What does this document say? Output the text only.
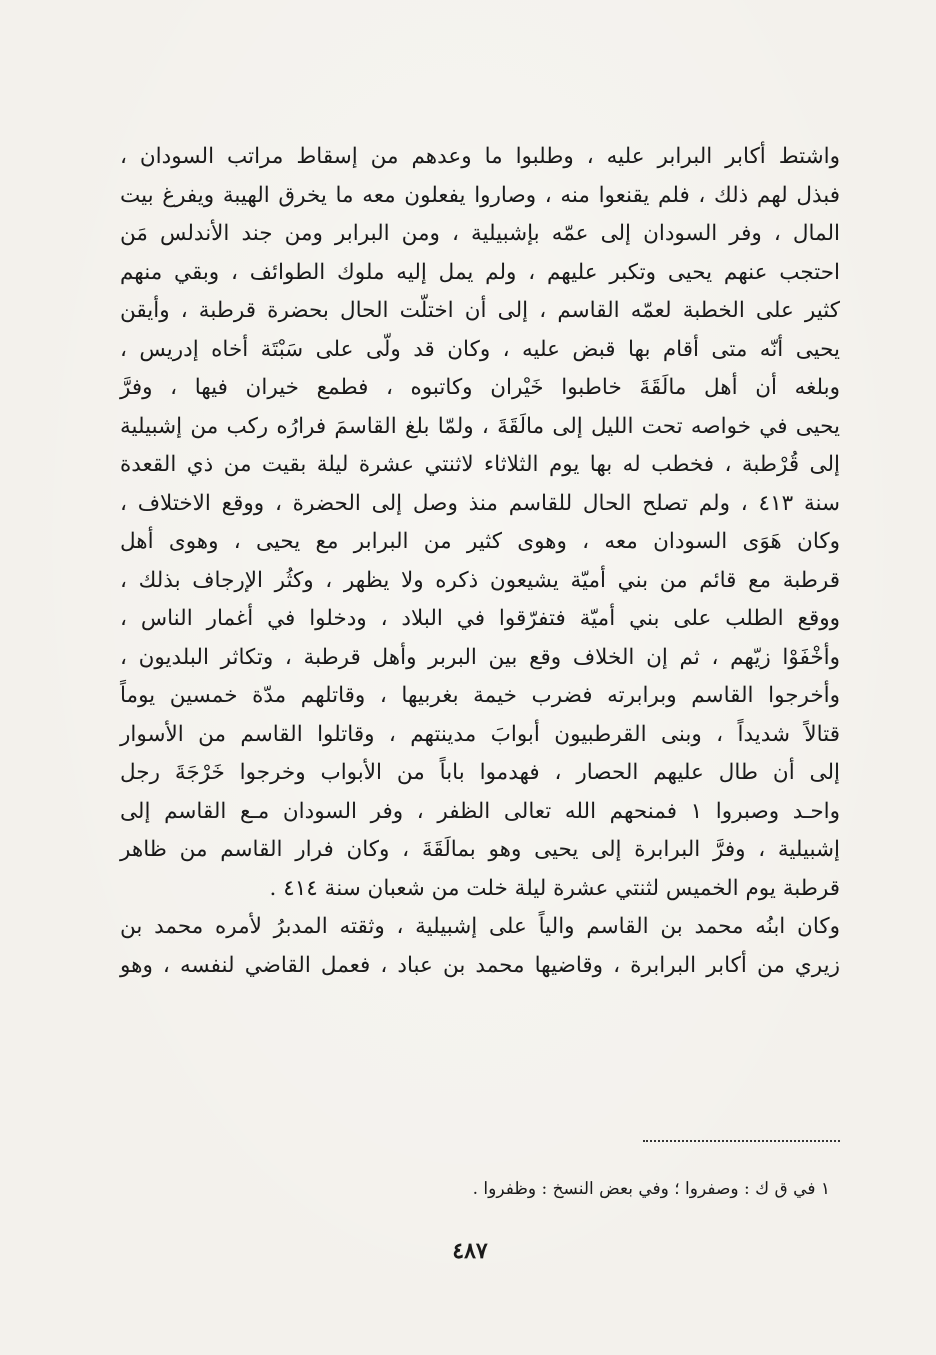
واشتط أكابر البرابر عليه ، وطلبوا ما وعدهم من إسقاط مراتب السودان ،
فبذل لهم ذلك ، فلم يقنعوا منه ، وصاروا يفعلون معه ما يخرق الهيبة ويفرغ بيت
المال ، وفر السودان إلى عمّه بإشبيلية ، ومن البرابر ومن جند الأندلس مَن
احتجب عنهم يحيى وتكبر عليهم ، ولم يمل إليه ملوك الطوائف ، وبقي منهم
كثير على الخطبة لعمّه القاسم ، إلى أن اختلّت الحال بحضرة قرطبة ، وأيقن
يحيى أنّه متى أقام بها قبض عليه ، وكان قد ولّى على سَبْتَة أخاه إدريس ،
وبلغه أن أهل مالَقَةَ خاطبوا خَيْران وكاتبوه ، فطمع خيران فيها ، وفرَّ
يحيى في خواصه تحت الليل إلى مالَقَةَ ، ولمّا بلغ القاسمَ فرارُه ركب من إشبيلية
إلى قُرْطبة ، فخطب له بها يوم الثلاثاء لاثنتي عشرة ليلة بقيت من ذي القعدة
سنة ٤١٣ ، ولم تصلح الحال للقاسم منذ وصل إلى الحضرة ، ووقع الاختلاف ،
وكان هَوَى السودان معه ، وهوى كثير من البرابر مع يحيى ، وهوى أهل
قرطبة مع قائم من بني أميّة يشيعون ذكره ولا يظهر ، وكثُر الإرجاف بذلك ،
ووقع الطلب على بني أميّة فتفرّقوا في البلاد ، ودخلوا في أغمار الناس ،
وأخْفَوْا زيّهم ، ثم إن الخلاف وقع بين البربر وأهل قرطبة ، وتكاثر البلديون ،
وأخرجوا القاسم وبرابرته فضرب خيمة بغربيها ، وقاتلهم مدّة خمسين يوماً
قتالاً شديداً ، وبنى القرطبيون أبوابَ مدينتهم ، وقاتلوا القاسم من الأسوار
إلى أن طال عليهم الحصار ، فهدموا باباً من الأبواب وخرجوا خَرْجَةَ رجل
واحـد وصبروا ١ فمنحهم الله تعالى الظفر ، وفر السودان مـع القاسم إلى
إشبيلية ، وفرَّ البرابرة إلى يحيى وهو بمالَقَةَ ، وكان فرار القاسم من ظاهر
قرطبة يوم الخميس لثنتي عشرة ليلة خلت من شعبان سنة ٤١٤ .
وكان ابنُه محمد بن القاسم والياً على إشبيلية ، وثقته المدبرُ لأمره محمد بن
زيري من أكابر البرابرة ، وقاضيها محمد بن عباد ، فعمل القاضي لنفسه ، وهو
١ في ق ك : وصفروا ؛ وفي بعض النسخ : وظفروا .
٤٨٧
